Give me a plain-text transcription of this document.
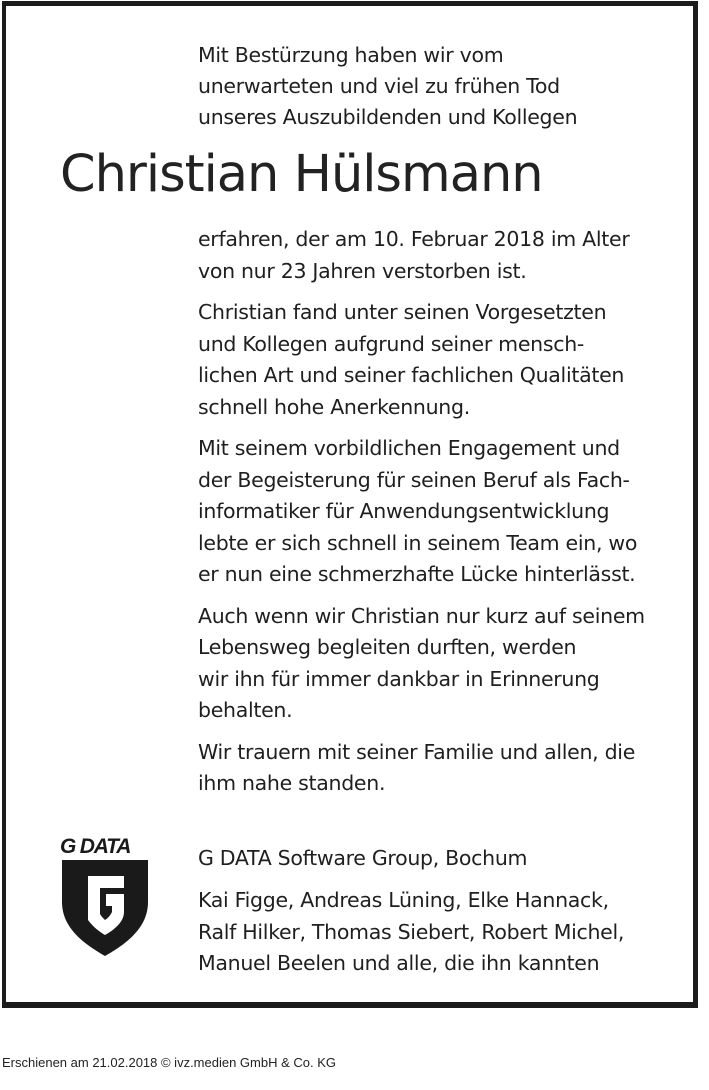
Mit Bestürzung haben wir vom
unerwarteten und viel zu frühen Tod
unseres Auszubildenden und Kollegen
Christian Hülsmann

erfahren, der am 10. Februar 2018 im Alter
von nur 23 Jahren verstorben ist.

Christian fand unter seinen Vorgesetzten
und Kollegen aufgrund seiner mensch-
lichen Art und seiner fachlichen Qualitäten
schnell hohe Anerkennung.

Mit seinem vorbildlichen Engagement und
der Begeisterung für seinen Beruf als Fach-
informatiker für Anwendungsentwicklung
lebte er sich schnell in seinem Team ein, wo
er nun eine schmerzhafte Lücke hinterlässt.

Auch wenn wir Christian nur kurz auf seinem
Lebensweg begleiten durften, werden
wir ihn für immer dankbar in Erinnerung
behalten.

Wir trauern mit seiner Familie und allen, die
ihm nahe standen.

G DATA	G DATA Software Group, Bochum
Kai Figge, Andreas Lüning, Elke Hannack,
Ralf Hilker, Thomas Siebert, Robert Michel,
Manuel Beelen und alle, die ihn kannten
Erschienen am 21.02.2018 © ivz.medien GmbH & Co. KG
